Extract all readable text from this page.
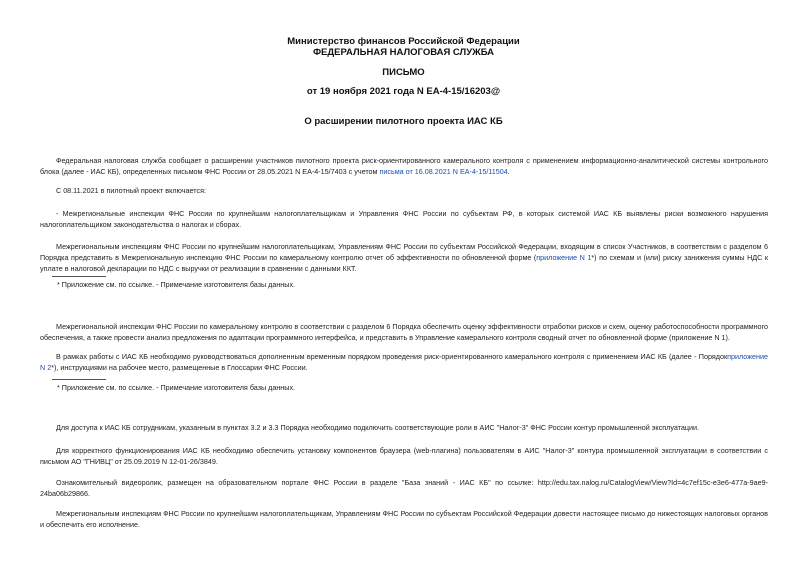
Министерство финансов Российской Федерации
ФЕДЕРАЛЬНАЯ НАЛОГОВАЯ СЛУЖБА
ПИСЬМО
от 19 ноября 2021 года N ЕА-4-15/16203@
О расширении пилотного проекта ИАС КБ
Федеральная налоговая служба сообщает о расширении участников пилотного проекта риск-ориентированного камерального контроля с применением информационно-аналитической системы контрольного блока (далее - ИАС КБ), определенных письмом ФНС России от 28.05.2021 N ЕА-4-15/7403 с учетом письма от 16.08.2021 N ЕА-4-15/11504.
С 08.11.2021 в пилотный проект включается:
- Межрегиональные инспекции ФНС России по крупнейшим налогоплательщикам и Управления ФНС России по субъектам РФ, в которых системой ИАС КБ выявлены риски возможного нарушения налогоплательщиком законодательства о налогах и сборах.
Межрегиональным инспекциям ФНС России по крупнейшим налогоплательщикам, Управлениям ФНС России по субъектам Российской Федерации, входящим в список Участников, в соответствии с разделом 6 Порядка представить в Межрегиональную инспекцию ФНС России по камеральному контролю отчет об эффективности по обновленной форме (приложение N 1*) по схемам и (или) риску занижения суммы НДС к уплате в налоговой декларации по НДС с выручки от реализации в сравнении с данными ККТ.
* Приложение см. по ссылке. - Примечание изготовителя базы данных.
Межрегиональной инспекции ФНС России по камеральному контролю в соответствии с разделом 6 Порядка обеспечить оценку эффективности отработки рисков и схем, оценку работоспособности программного обеспечения, а также провести анализ предложения по адаптации программного интерфейса, и представить в Управление камерального контроля сводный отчет по обновленной форме (приложение N 1).
В рамках работы с ИАС КБ необходимо руководствоваться дополненным временным порядком проведения риск-ориентированного камерального контроля с применением ИАС КБ (далее - Порядокприложение N 2*), инструкциями на рабочее место, размещенные в Глоссарии ФНС России.
* Приложение см. по ссылке. - Примечание изготовителя базы данных.
Для доступа к ИАС КБ сотрудникам, указанным в пунктах 3.2 и 3.3 Порядка необходимо подключить соответствующие роли в АИС "Налог-3" ФНС России контур промышленной эксплуатации.
Для корректного функционирования ИАС КБ необходимо обеспечить установку компонентов браузера (web-плагина) пользователям в АИС "Налог-3" контура промышленной эксплуатации в соответствии с письмом АО "ГНИВЦ" от 25.09.2019 N 12-01-26/3849.
Ознакомительный видеоролик, размещен на образовательном портале ФНС России в разделе "База знаний - ИАС КБ" по ссылке: http://edu.tax.nalog.ru/CatalogView/View?Id=4c7ef15c-e3e6-477a-9ae9-24ba06b29866.
Межрегиональным инспекциям ФНС России по крупнейшим налогоплательщикам, Управлениям ФНС России по субъектам Российской Федерации довести настоящее письмо до нижестоящих налоговых органов и обеспечить его исполнение.
